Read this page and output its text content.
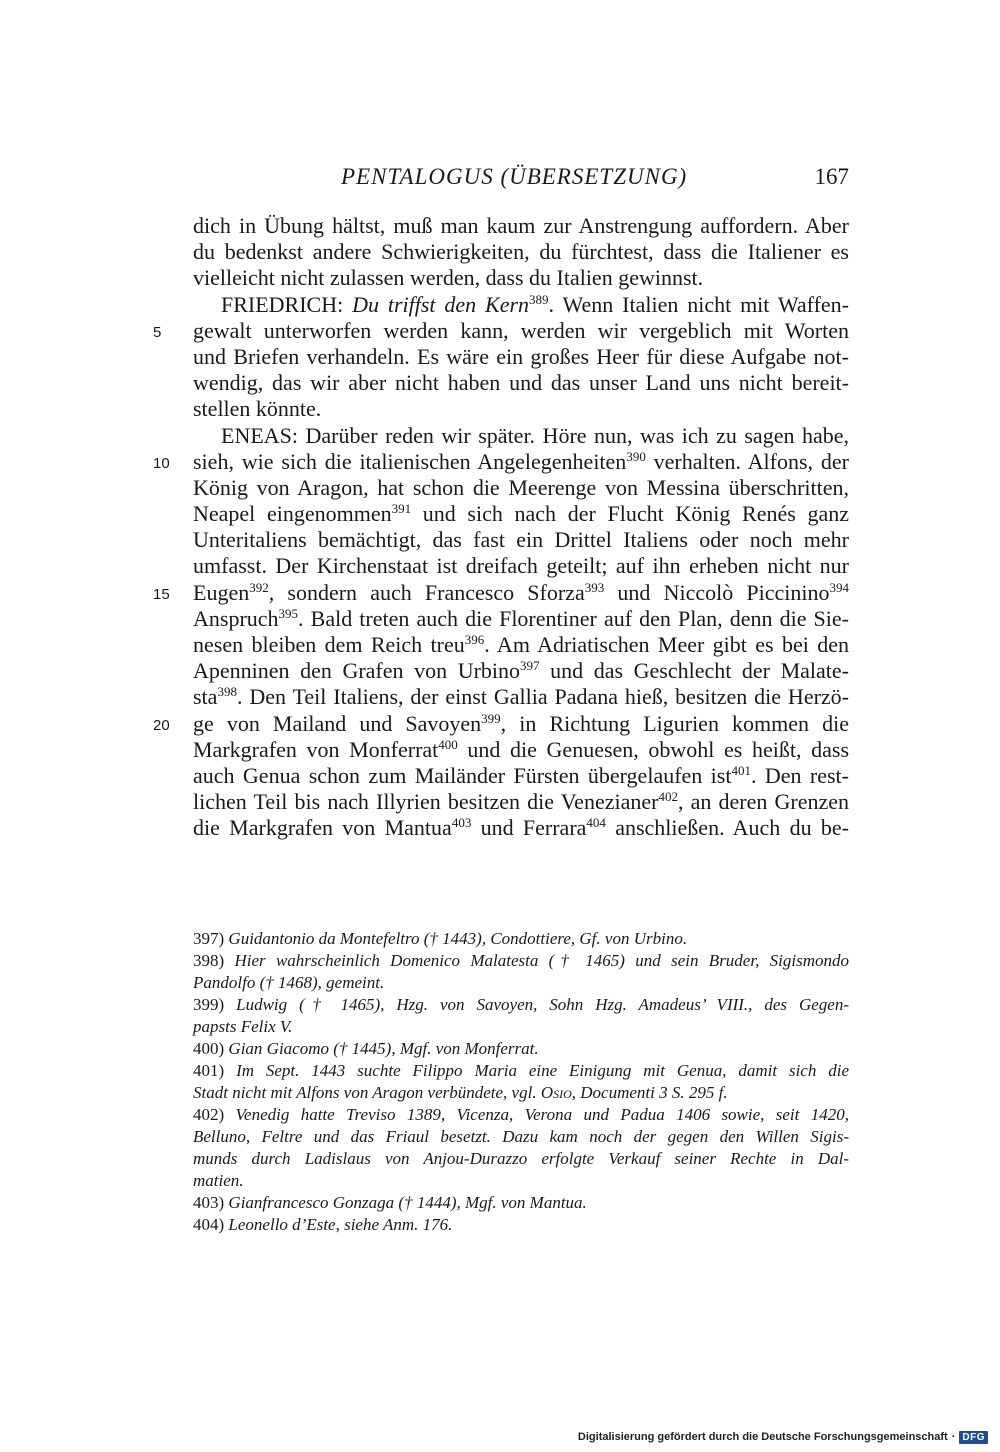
PENTALOGUS (ÜBERSETZUNG)	167
dich in Übung hältst, muß man kaum zur Anstrengung auffordern. Aber
du bedenkst andere Schwierigkeiten, du fürchtest, dass die Italiener es
vielleicht nicht zulassen werden, dass du Italien gewinnst.
FRIEDRICH: Du triffst den Kern$^{389}$. Wenn Italien nicht mit Waffen-
5 gewalt unterworfen werden kann, werden wir vergeblich mit Worten
und Briefen verhandeln. Es wäre ein großes Heer für diese Aufgabe not-
wendig, das wir aber nicht haben und das unser Land uns nicht bereit-
stellen könnte.
ENEAS: Darüber reden wir später. Höre nun, was ich zu sagen habe,
10 sieh, wie sich die italienischen Angelegenheiten$^{390}$ verhalten. Alfons, der
König von Aragon, hat schon die Meerenge von Messina überschritten,
Neapel eingenommen$^{391}$ und sich nach der Flucht König Renés ganz
Unteritaliens bemächtigt, das fast ein Drittel Italiens oder noch mehr
umfasst. Der Kirchenstaat ist dreifach geteilt; auf ihn erheben nicht nur
15 Eugen$^{392}$, sondern auch Francesco Sforza$^{393}$ und Niccolò Piccinino$^{394}$
Anspruch$^{395}$. Bald treten auch die Florentiner auf den Plan, denn die Sie-
nesen bleiben dem Reich treu$^{396}$. Am Adriatischen Meer gibt es bei den
Apenninen den Grafen von Urbino$^{397}$ und das Geschlecht der Malate-
sta$^{398}$. Den Teil Italiens, der einst Gallia Padana hieß, besitzen die Herzö-
20 ge von Mailand und Savoyen$^{399}$, in Richtung Ligurien kommen die
Markgrafen von Monferrat$^{400}$ und die Genuesen, obwohl es heißt, dass
auch Genua schon zum Mailänder Fürsten übergelaufen ist$^{401}$. Den rest-
lichen Teil bis nach Illyrien besitzen die Venezianer$^{402}$, an deren Grenzen
die Markgrafen von Mantua$^{403}$ und Ferrara$^{404}$ anschließen. Auch du be-
397) Guidantonio da Montefeltro († 1443), Condottiere, Gf. von Urbino.
398) Hier wahrscheinlich Domenico Malatesta († 1465) und sein Bruder, Sigismondo
Pandolfo († 1468), gemeint.
399) Ludwig († 1465), Hzg. von Savoyen, Sohn Hzg. Amadeus’ VIII., des Gegen-
papsts Felix V.
400) Gian Giacomo († 1445), Mgf. von Monferrat.
401) Im Sept. 1443 suchte Filippo Maria eine Einigung mit Genua, damit sich die
Stadt nicht mit Alfons von Aragon verbündete, vgl. Osio, Documenti 3 S. 295 f.
402) Venedig hatte Treviso 1389, Vicenza, Verona und Padua 1406 sowie, seit 1420,
Belluno, Feltre und das Friaul besetzt. Dazu kam noch der gegen den Willen Sigis-
munds durch Ladislaus von Anjou-Durazzo erfolgte Verkauf seiner Rechte in Dal-
matien.
403) Gianfrancesco Gonzaga († 1444), Mgf. von Mantua.
404) Leonello d’Este, siehe Anm. 176.
Digitalisierung gefördert durch die Deutsche Forschungsgemeinschaft · DFG
